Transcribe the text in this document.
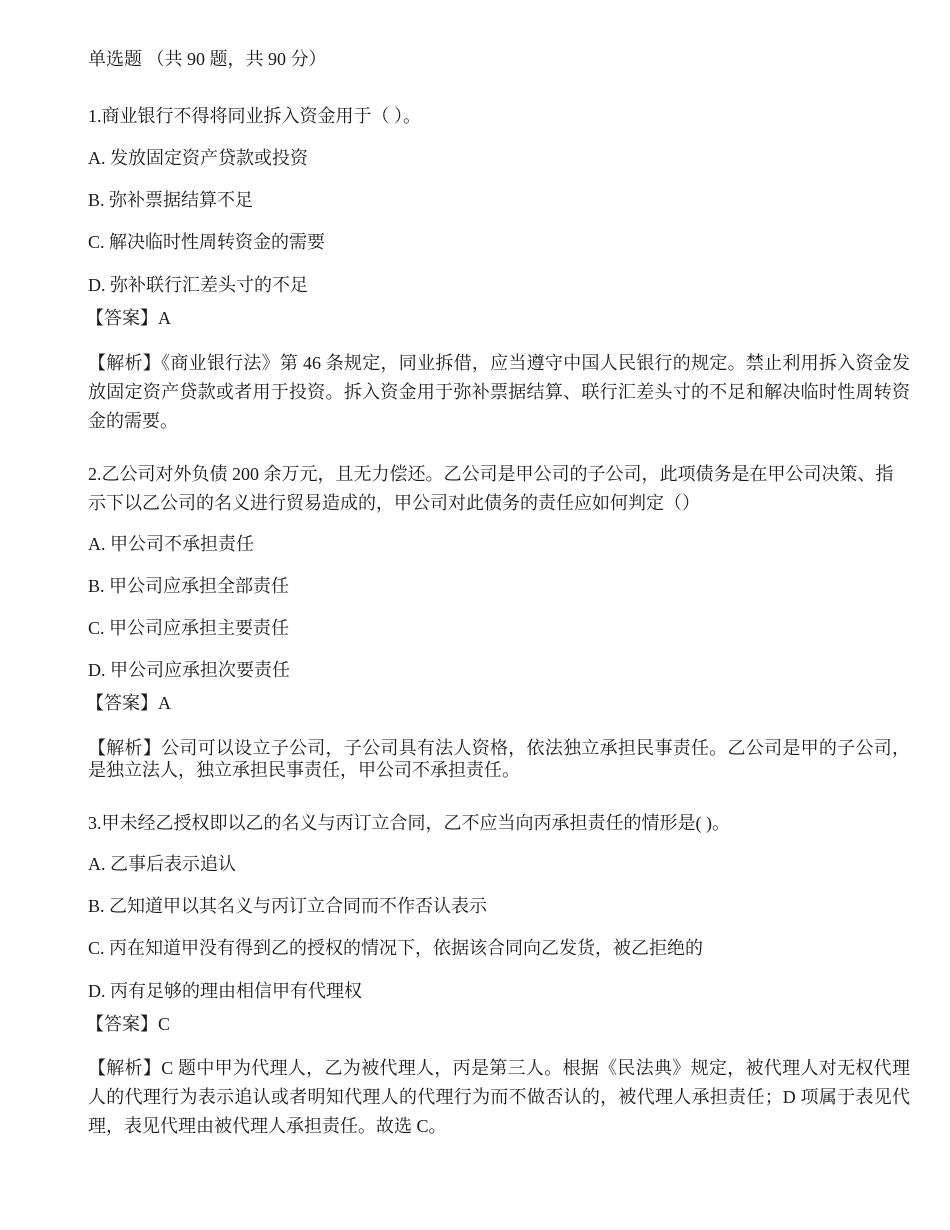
单选题 （共 90 题，共 90 分）
1.商业银行不得将同业拆入资金用于（ ）。
A. 发放固定资产贷款或投资
B. 弥补票据结算不足
C. 解决临时性周转资金的需要
D. 弥补联行汇差头寸的不足
【答案】A
【解析】《商业银行法》第 46 条规定，同业拆借，应当遵守中国人民银行的规定。禁止利用拆入资金发放固定资产贷款或者用于投资。拆入资金用于弥补票据结算、联行汇差头寸的不足和解决临时性周转资金的需要。
2.乙公司对外负债 200 余万元，且无力偿还。乙公司是甲公司的子公司，此项债务是在甲公司决策、指示下以乙公司的名义进行贸易造成的，甲公司对此债务的责任应如何判定（）
A. 甲公司不承担责任
B. 甲公司应承担全部责任
C. 甲公司应承担主要责任
D. 甲公司应承担次要责任
【答案】A
【解析】公司可以设立子公司，子公司具有法人资格，依法独立承担民事责任。乙公司是甲的子公司，是独立法人，独立承担民事责任，甲公司不承担责任。
3.甲未经乙授权即以乙的名义与丙订立合同，乙不应当向丙承担责任的情形是( )。
A. 乙事后表示追认
B. 乙知道甲以其名义与丙订立合同而不作否认表示
C. 丙在知道甲没有得到乙的授权的情况下，依据该合同向乙发货，被乙拒绝的
D. 丙有足够的理由相信甲有代理权
【答案】C
【解析】C 题中甲为代理人，乙为被代理人，丙是第三人。根据《民法典》规定，被代理人对无权代理人的代理行为表示追认或者明知代理人的代理行为而不做否认的，被代理人承担责任；D 项属于表见代理，表见代理由被代理人承担责任。故选 C。
